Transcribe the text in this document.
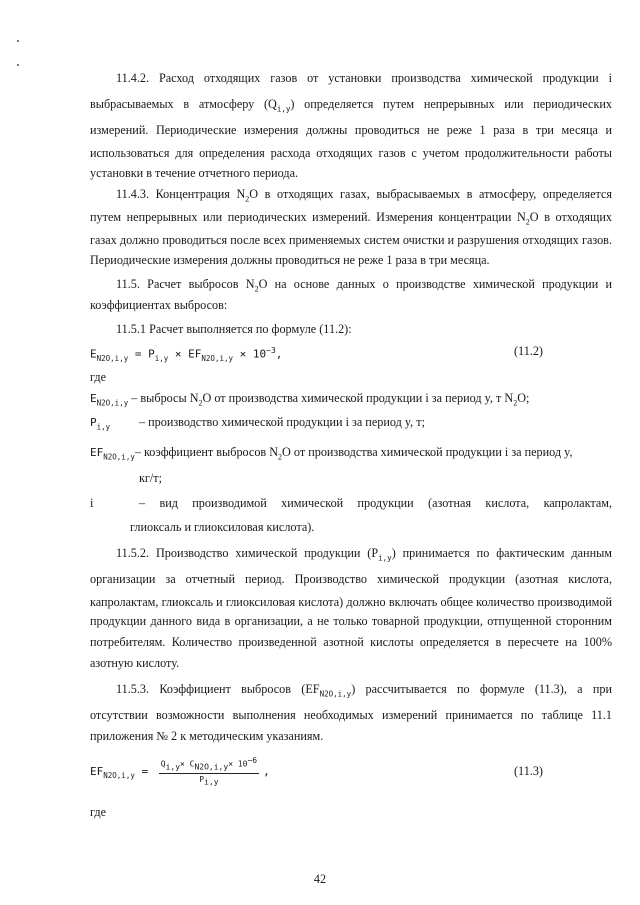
11.4.2. Расход отходящих газов от установки производства химической продукции i
выбрасываемых в атмосферу $(Q_{i,y})$ определяется путем непрерывных или периодических
измерений. Периодические измерения должны проводиться не реже 1 раза в три месяца и
использоваться для определения расхода отходящих газов с учетом продолжительности работы
установки в течение отчетного периода.
11.4.3. Концентрация $N_2O$ в отходящих газах, выбрасываемых в атмосферу, определяется
путем непрерывных или периодических измерений. Измерения концентрации $N_2O$ в отходящих
газах должно проводиться после всех применяемых систем очистки и разрушения отходящих газов.
Периодические измерения должны проводиться не реже 1 раза в три месяца.
11.5. Расчет выбросов $N_2O$ на основе данных о производстве химической продукции и
коэффициентах выбросов:
11.5.1 Расчет выполняется по формуле (11.2):
$E_{N2O,i,y} = P_{i,y} \times EF_{N2O,i,y} \times 10^{-3}$,	(11.2)
где
$E_{N2O,i,y}$ – выбросы $N_2O$ от производства химической продукции i за период y, т $N_2O$;
$P_{i,y}$ – производство химической продукции i за период y, т;
$EF_{N2O,i,y}-$ коэффициент выбросов $N_2O$ от производства химической продукции i за период y,
кг/т;
i	– вид производимой химической продукции (азотная кислота, капролактам,
глиоксаль и глиоксиловая кислота).
11.5.2. Производство химической продукции $(P_{i,y})$ принимается по фактическим данным
организации за отчетный период. Производство химической продукции (азотная кислота,
капролактам, глиоксаль и глиоксиловая кислота) должно включать общее количество производимой
продукции данного вида в организации, а не только товарной продукции, отпущенной сторонним
потребителям. Количество произведенной азотной кислоты определяется в пересчете на 100%
азотную кислоту.
11.5.3. Коэффициент выбросов $(EF_{N2O,i,y})$ рассчитывается по формуле (11.3), а при
отсутствии возможности выполнения необходимых измерений принимается по таблице 11.1
приложения № 2 к методическим указаниям.
$EF_{N2O,i,y} = \frac{Q_{i,y}\times C_{N2O,i,y}\times 10^{-6}}{P_{i,y}}$ ,	(11.3)
где
42
